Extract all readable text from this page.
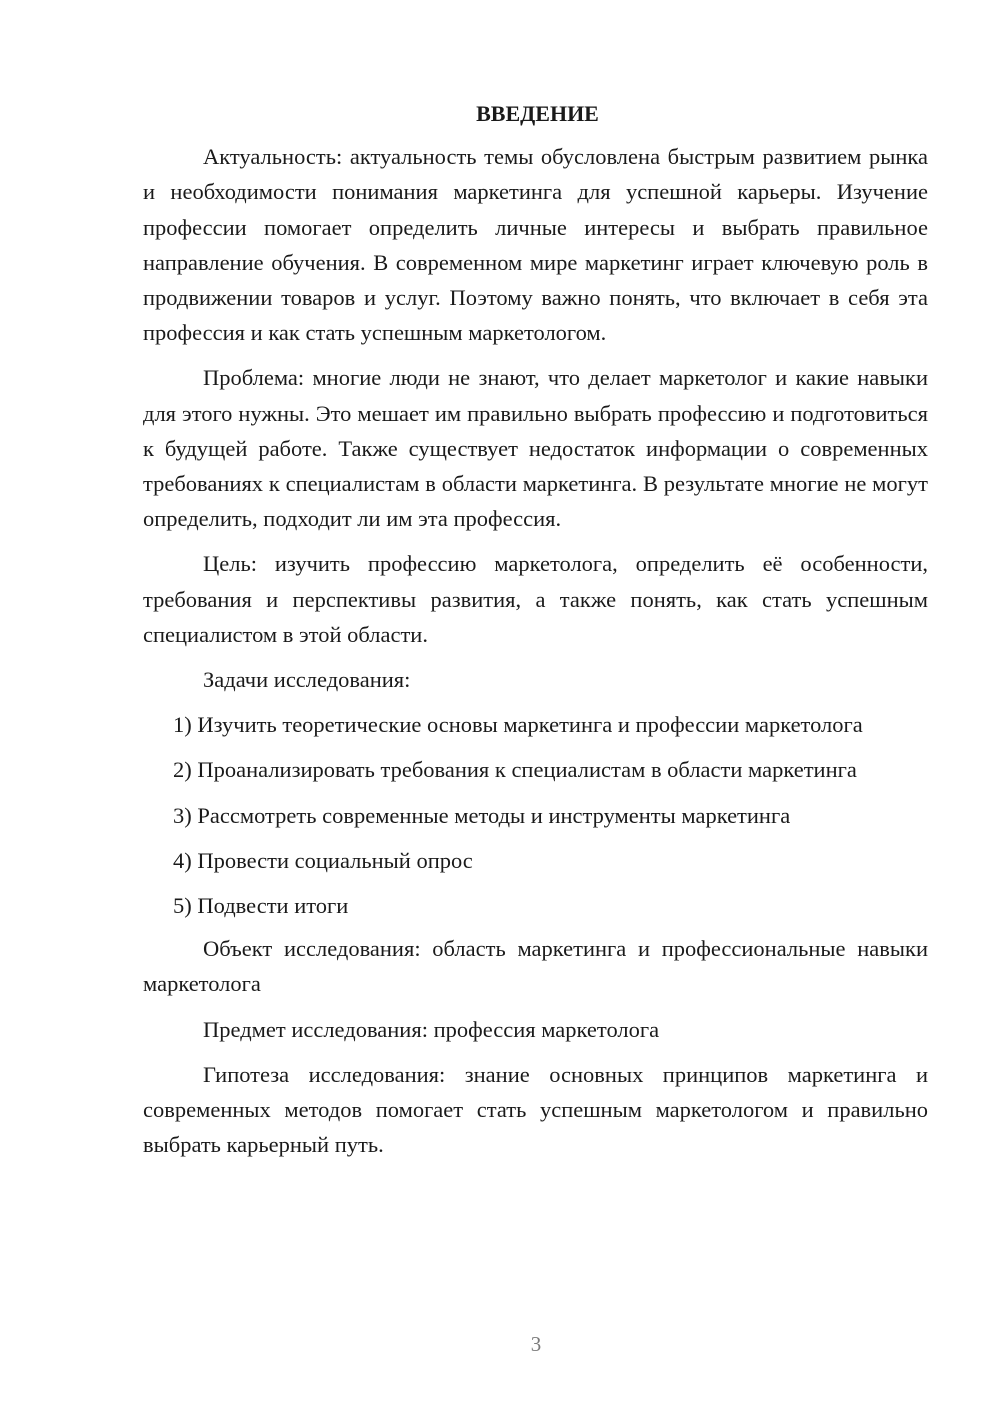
ВВЕДЕНИЕ

Актуальность: актуальность темы обусловлена быстрым развитием рынка и необходимости понимания маркетинга для успешной карьеры. Изучение профессии помогает определить личные интересы и выбрать правильное направление обучения. В современном мире маркетинг играет ключевую роль в продвижении товаров и услуг. Поэтому важно понять, что включает в себя эта профессия и как стать успешным маркетологом.

Проблема: многие люди не знают, что делает маркетолог и какие навыки для этого нужны. Это мешает им правильно выбрать профессию и подготовиться к будущей работе. Также существует недостаток информации о современных требованиях к специалистам в области маркетинга. В результате многие не могут определить, подходит ли им эта профессия.

Цель: изучить профессию маркетолога, определить её особенности, требования и перспективы развития, а также понять, как стать успешным специалистом в этой области.

Задачи исследования:

1) Изучить теоретические основы маркетинга и профессии маркетолога

2) Проанализировать требования к специалистам в области маркетинга

3) Рассмотреть современные методы и инструменты маркетинга

4) Провести социальный опрос

5) Подвести итоги

Объект исследования: область маркетинга и профессиональные навыки маркетолога

Предмет исследования: профессия маркетолога

Гипотеза исследования: знание основных принципов маркетинга и современных методов помогает стать успешным маркетологом и правильно выбрать карьерный путь.

3
